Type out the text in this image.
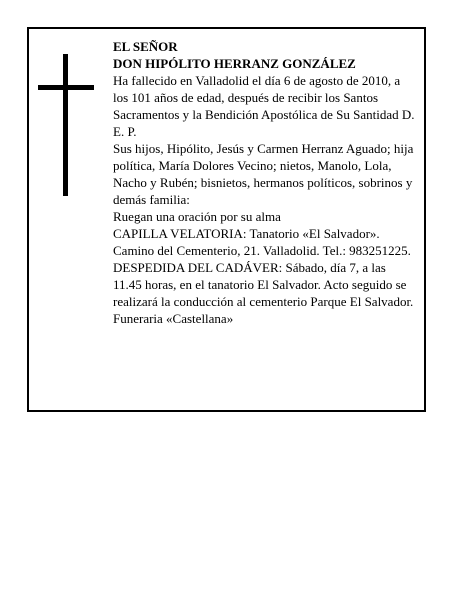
EL SEÑOR

DON HIPÓLITO HERRANZ GONZÁLEZ

Ha fallecido en Valladolid el día 6 de agosto de 2010, a los 101 años de edad, después de recibir los Santos Sacramentos y la Bendición Apostólica de Su Santidad D. E. P.

Sus hijos, Hipólito, Jesús y Carmen Herranz Aguado; hija política, María Dolores Vecino; nietos, Manolo, Lola, Nacho y Rubén; bisnietos, hermanos políticos, sobrinos y demás familia:

Ruegan una oración por su alma

CAPILLA VELATORIA: Tanatorio «El Salvador». Camino del Cementerio, 21. Valladolid. Tel.: 983251225.

DESPEDIDA DEL CADÁVER: Sábado, día 7, a las 11.45 horas, en el tanatorio El Salvador. Acto seguido se realizará la conducción al cementerio Parque El Salvador.

Funeraria «Castellana»
